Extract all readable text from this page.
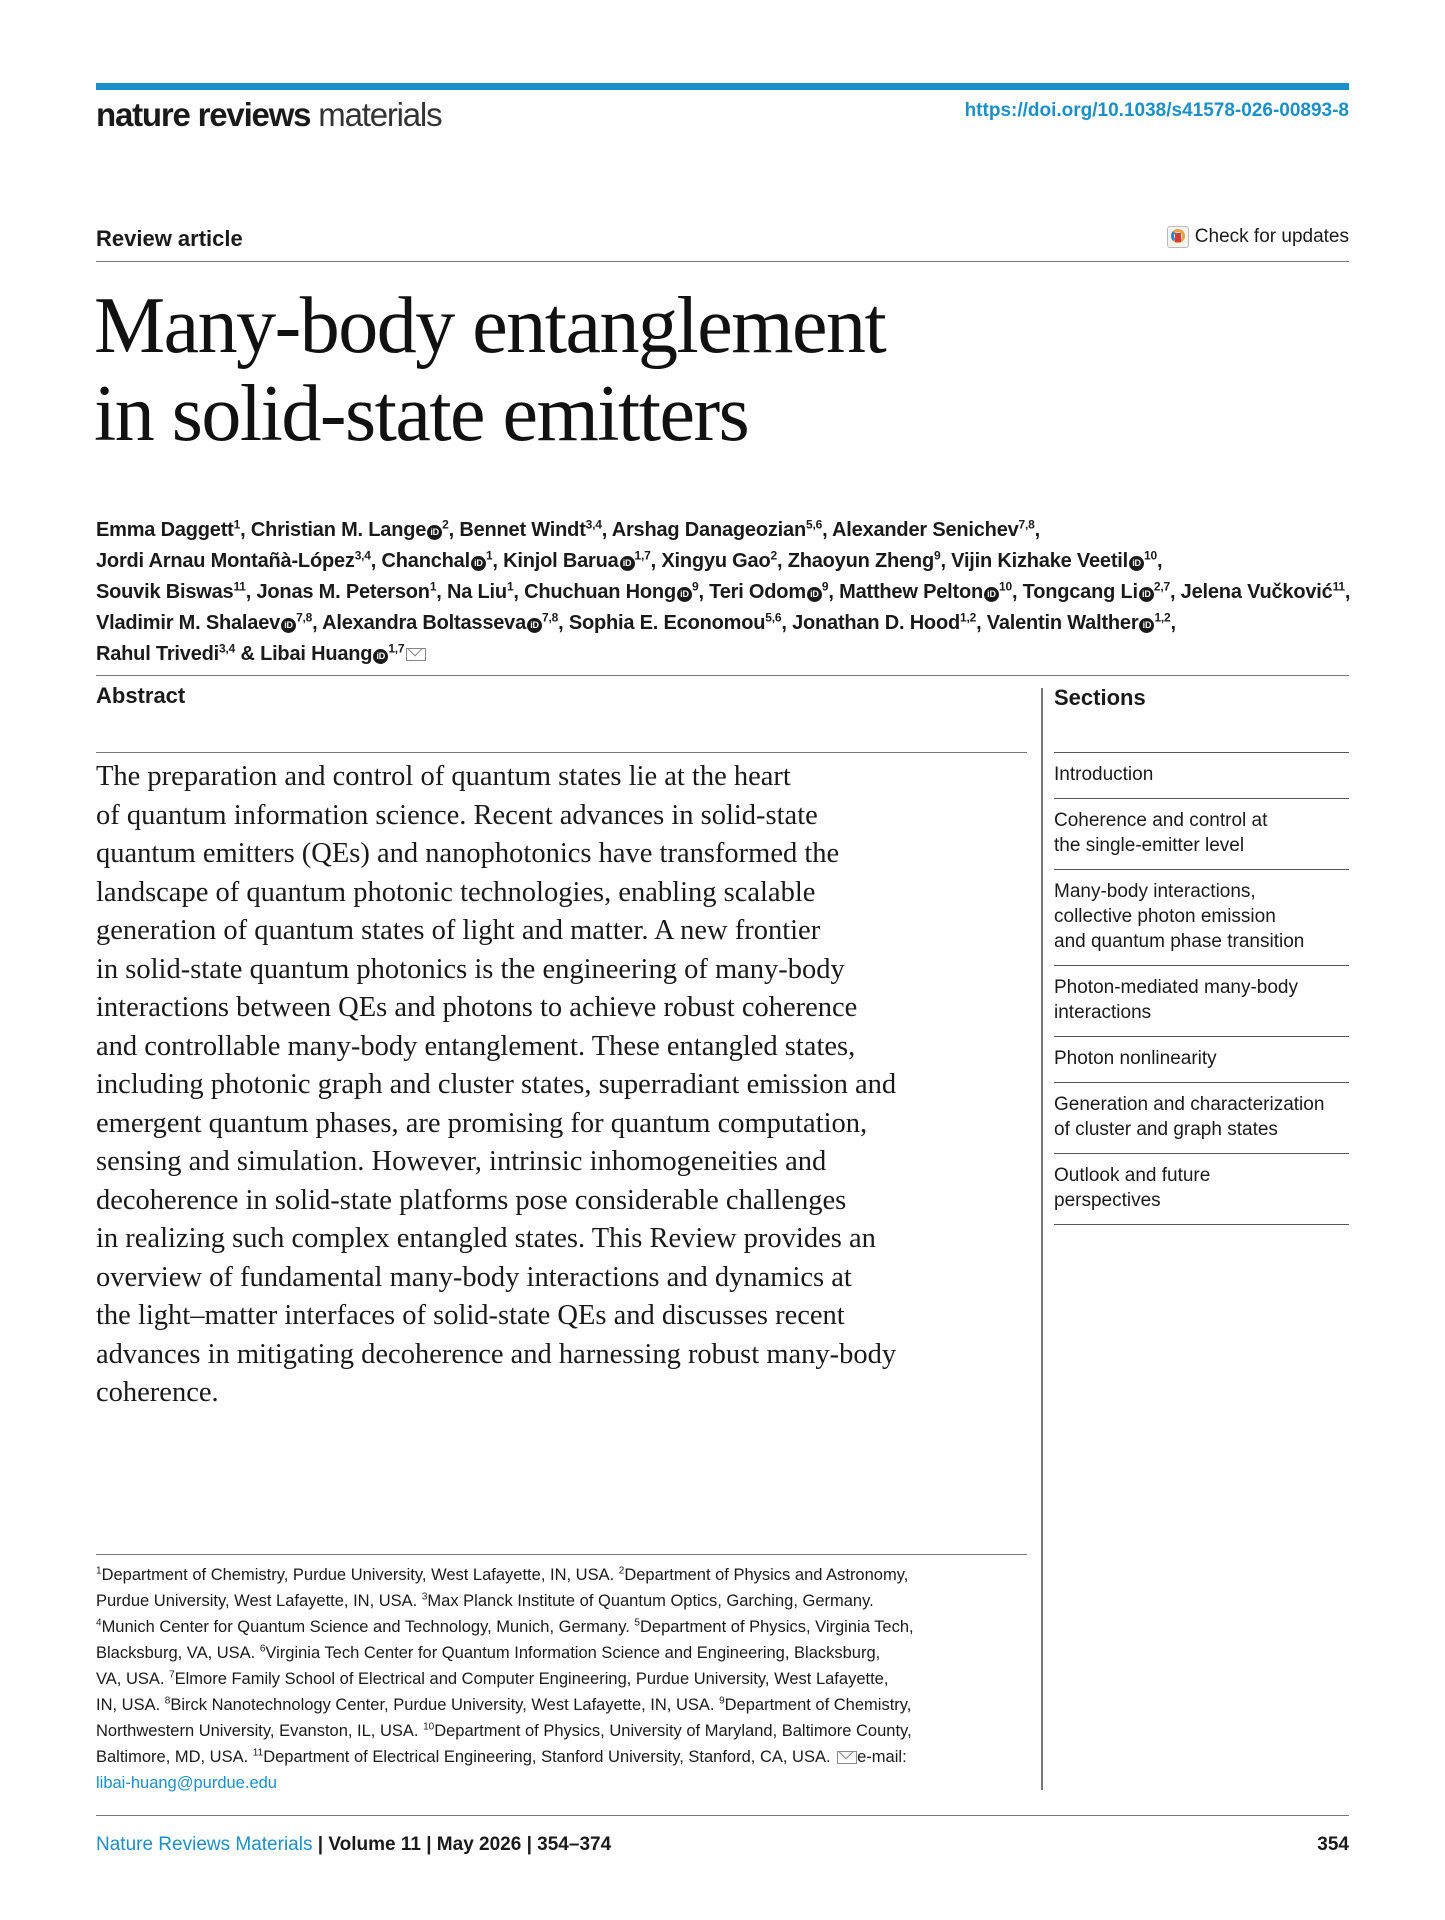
nature reviews materials	https://doi.org/10.1038/s41578-026-00893-8
Review article	Check for updates
Many-body entanglement
in solid-state emitters

Emma Daggett$^1$, Christian M. LangeiD $^2$, Bennet Windt$^{3,4}$, Arshag Danageozian$^{5,6}$, Alexander Senichev$^{7,8}$,
Jordi Arnau Montañà-López$^{3,4}$, ChanchaliD $^1$, Kinjol BaruaiD $^{1,7}$, Xingyu Gao$^2$, Zhaoyun Zheng$^9$, Vijin Kizhake VeetiliD $^{10}$,
Souvik Biswas$^{11}$, Jonas M. Peterson$^1$, Na Liu$^1$, Chuchuan HongiD $^9$, Teri OdomiD $^9$, Matthew PeltoniD $^{10}$, Tongcang LiiD $^{2,7}$, Jelena Vučković$^{11}$,
Vladimir M. ShalaeviD $^{7,8}$, Alexandra BoltassevaiD $^{7,8}$, Sophia E. Economou$^{5,6}$, Jonathan D. Hood$^{1,2}$, Valentin WaltheriD $^{1,2}$,
Rahul Trivedi$^{3,4}$ & Libai HuangiD $^{1,7}$

Abstract

The preparation and control of quantum states lie at the heart
of quantum information science. Recent advances in solid-state
quantum emitters (QEs) and nanophotonics have transformed the
landscape of quantum photonic technologies, enabling scalable
generation of quantum states of light and matter. A new frontier
in solid-state quantum photonics is the engineering of many-body
interactions between QEs and photons to achieve robust coherence
and controllable many-body entanglement. These entangled states,
including photonic graph and cluster states, superradiant emission and
emergent quantum phases, are promising for quantum computation,
sensing and simulation. However, intrinsic inhomogeneities and
decoherence in solid-state platforms pose considerable challenges
in realizing such complex entangled states. This Review provides an
overview of fundamental many-body interactions and dynamics at
the light–matter interfaces of solid-state QEs and discusses recent
advances in mitigating decoherence and harnessing robust many-body
coherence.

Sections
Introduction
Coherence and control at
the single-emitter level
Many-body interactions,
collective photon emission
and quantum phase transition
Photon-mediated many-body
interactions
Photon nonlinearity
Generation and characterization
of cluster and graph states
Outlook and future
perspectives

$^1$Department of Chemistry, Purdue University, West Lafayette, IN, USA. $^2$Department of Physics and Astronomy,
Purdue University, West Lafayette, IN, USA. $^3$Max Planck Institute of Quantum Optics, Garching, Germany.
$^4$Munich Center for Quantum Science and Technology, Munich, Germany. $^5$Department of Physics, Virginia Tech,
Blacksburg, VA, USA. $^6$Virginia Tech Center for Quantum Information Science and Engineering, Blacksburg,
VA, USA. $^7$Elmore Family School of Electrical and Computer Engineering, Purdue University, West Lafayette,
IN, USA. $^8$Birck Nanotechnology Center, Purdue University, West Lafayette, IN, USA. $^9$Department of Chemistry,
Northwestern University, Evanston, IL, USA. $^{10}$Department of Physics, University of Maryland, Baltimore County,
Baltimore, MD, USA. $^{11}$Department of Electrical Engineering, Stanford University, Stanford, CA, USA. e-mail:
libai-huang@purdue.edu

Nature Reviews Materials | Volume 11 | May 2026 | 354–374	354
